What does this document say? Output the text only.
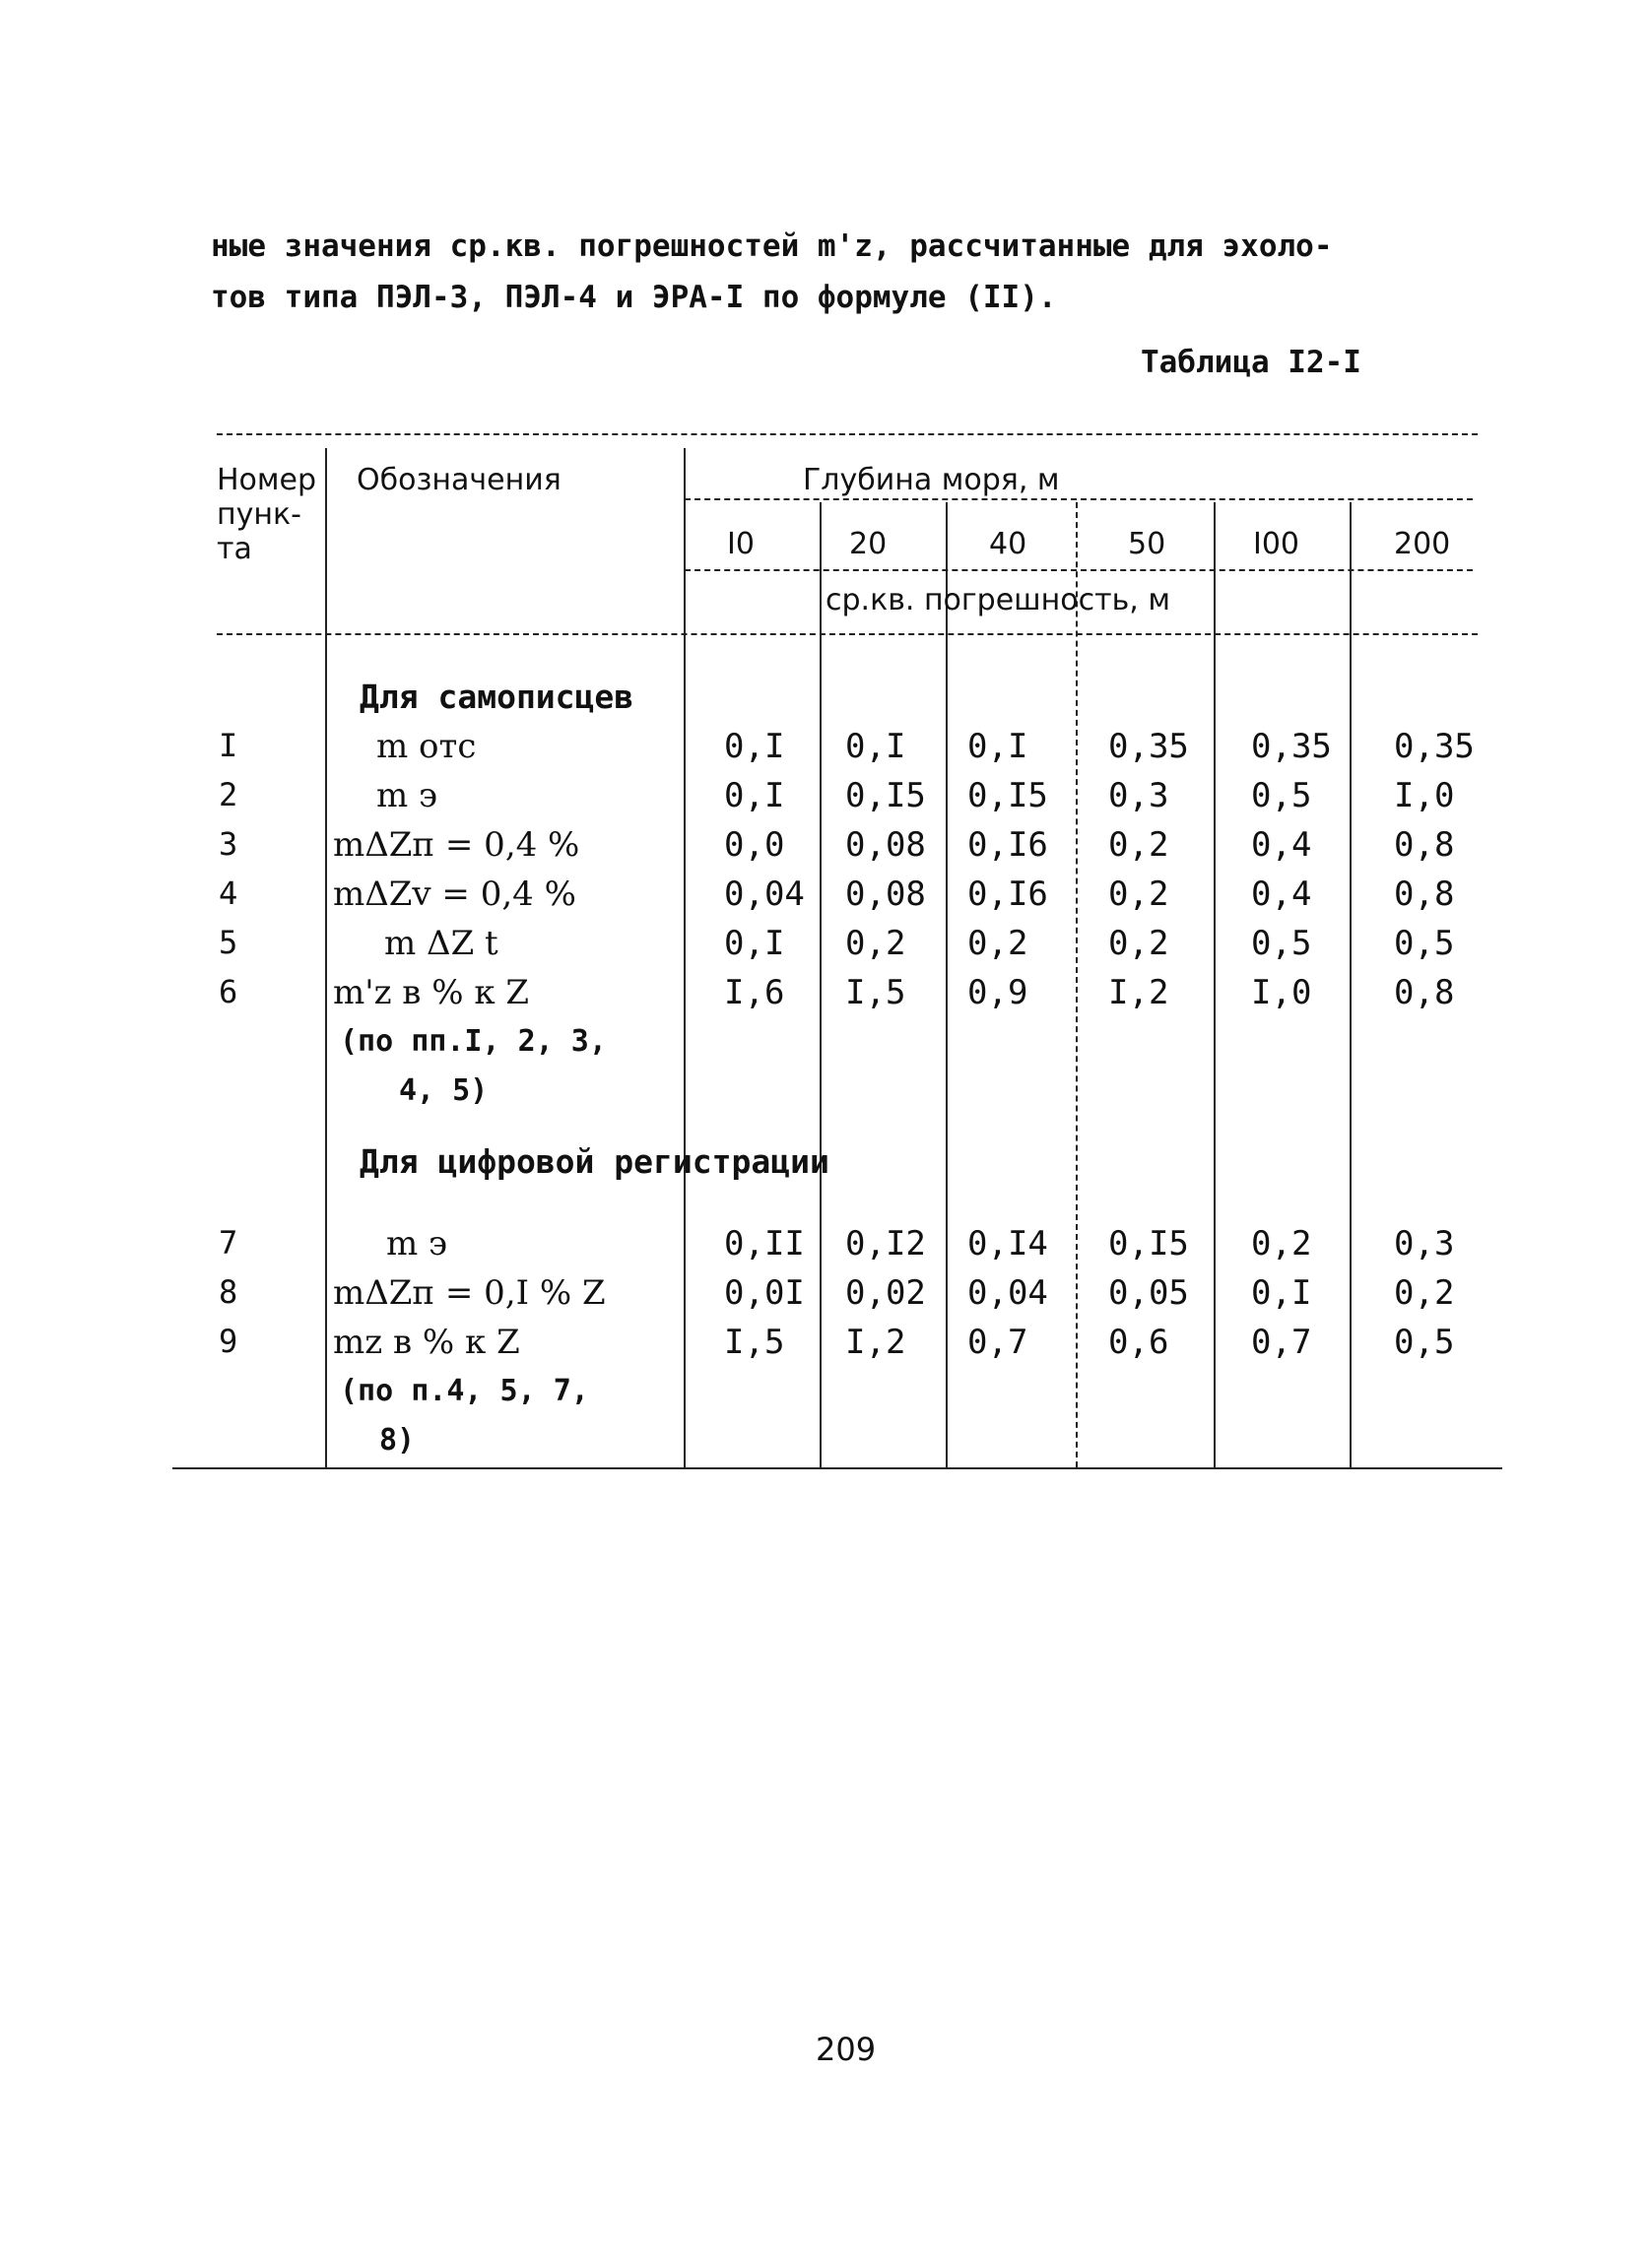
ные значения ср.кв. погрешностей m'z, рассчитанные для эхоло-
тов типа ПЭЛ-3, ПЭЛ-4 и ЭРА-I по формуле (II).
Таблица I2-I
Номер
пунк-
та
Обозначения	Глубина моря, м
I0	20	40	50	I00	200
ср.кв. погрешность, м
Для самописцев
I	m отс	0,I 0,I 0,I 0,35 0,35 0,35
2	m э	0,I 0,I5 0,I5 0,3 0,5 I,0
3	mΔZп = 0,4 %	0,0 0,08 0,I6 0,2 0,4 0,8
4	mΔZv = 0,4 %	0,04 0,08 0,I6 0,2 0,4 0,8
5	m ΔZ t	0,I 0,2 0,2 0,2 0,5 0,5
6	m'z в % к Z	I,6 I,5 0,9 I,2 I,0 0,8
(по пп.I, 2, 3,
4, 5)
Для цифровой регистрации
7	m э	0,II 0,I2 0,I4 0,I5 0,2 0,3
8	mΔZп = 0,I % Z	0,0I 0,02 0,04 0,05 0,I 0,2
9	mz в % к Z	I,5 I,2 0,7 0,6 0,7 0,5
(по п.4, 5, 7,
8)
209
